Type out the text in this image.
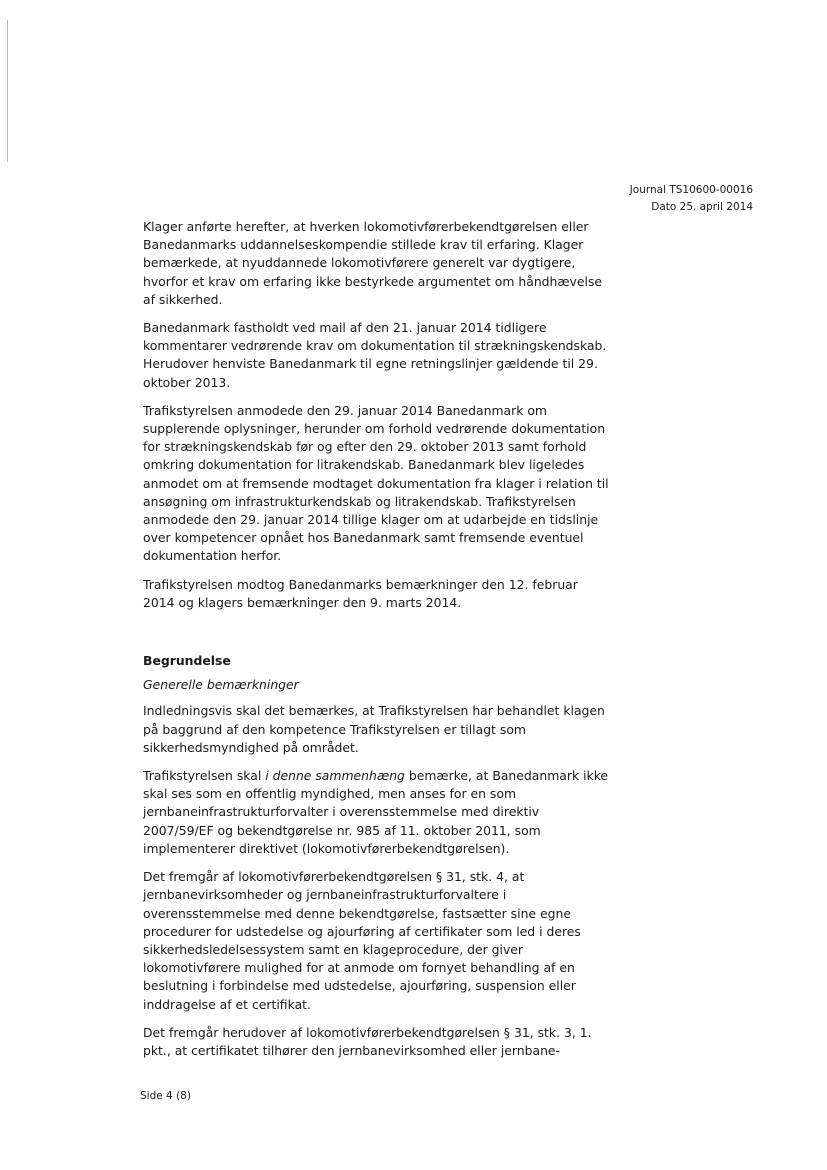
Journal TS10600-00016
Dato 25. april 2014

Klager anførte herefter, at hverken lokomotivførerbekendtgørelsen eller Banedanmarks uddannelseskompendie stillede krav til erfaring. Klager bemærkede, at nyuddannede lokomotivførere generelt var dygtigere, hvorfor et krav om erfaring ikke bestyrkede argumentet om håndhævelse af sikkerhed.

Banedanmark fastholdt ved mail af den 21. januar 2014 tidligere kommentarer vedrørende krav om dokumentation til strækningskendskab. Herudover henviste Banedanmark til egne retningslinjer gældende til 29. oktober 2013.

Trafikstyrelsen anmodede den 29. januar 2014 Banedanmark om supplerende oplysninger, herunder om forhold vedrørende dokumentation for strækningskendskab før og efter den 29. oktober 2013 samt forhold omkring dokumentation for litrakendskab. Banedanmark blev ligeledes anmodet om at fremsende modtaget dokumentation fra klager i relation til ansøgning om infrastrukturkendskab og litrakendskab. Trafikstyrelsen anmodede den 29. januar 2014 tillige klager om at udarbejde en tidslinje over kompetencer opnået hos Banedanmark samt fremsende eventuel dokumentation herfor.

Trafikstyrelsen modtog Banedanmarks bemærkninger den 12. februar 2014 og klagers bemærkninger den 9. marts 2014.

Begrundelse
Generelle bemærkninger

Indledningsvis skal det bemærkes, at Trafikstyrelsen har behandlet klagen på baggrund af den kompetence Trafikstyrelsen er tillagt som sikkerhedsmyndighed på området.

Trafikstyrelsen skal i denne sammenhæng bemærke, at Banedanmark ikke skal ses som en offentlig myndighed, men anses for en som jernbaneinfrastrukturforvalter i overensstemmelse med direktiv 2007/59/EF og bekendtgørelse nr. 985 af 11. oktober 2011, som implementerer direktivet (lokomotivførerbekendtgørelsen).

Det fremgår af lokomotivførerbekendtgørelsen § 31, stk. 4, at jernbanevirksomheder og jernbaneinfrastrukturforvaltere i overensstemmelse med denne bekendtgørelse, fastsætter sine egne procedurer for udstedelse og ajourføring af certifikater som led i deres sikkerhedsledelsessystem samt en klageprocedure, der giver lokomotivførere mulighed for at anmode om fornyet behandling af en beslutning i forbindelse med udstedelse, ajourføring, suspension eller inddragelse af et certifikat.

Det fremgår herudover af lokomotivførerbekendtgørelsen § 31, stk. 3, 1. pkt., at certifikatet tilhører den jernbanevirksomhed eller jernbane-

Side 4 (8)
